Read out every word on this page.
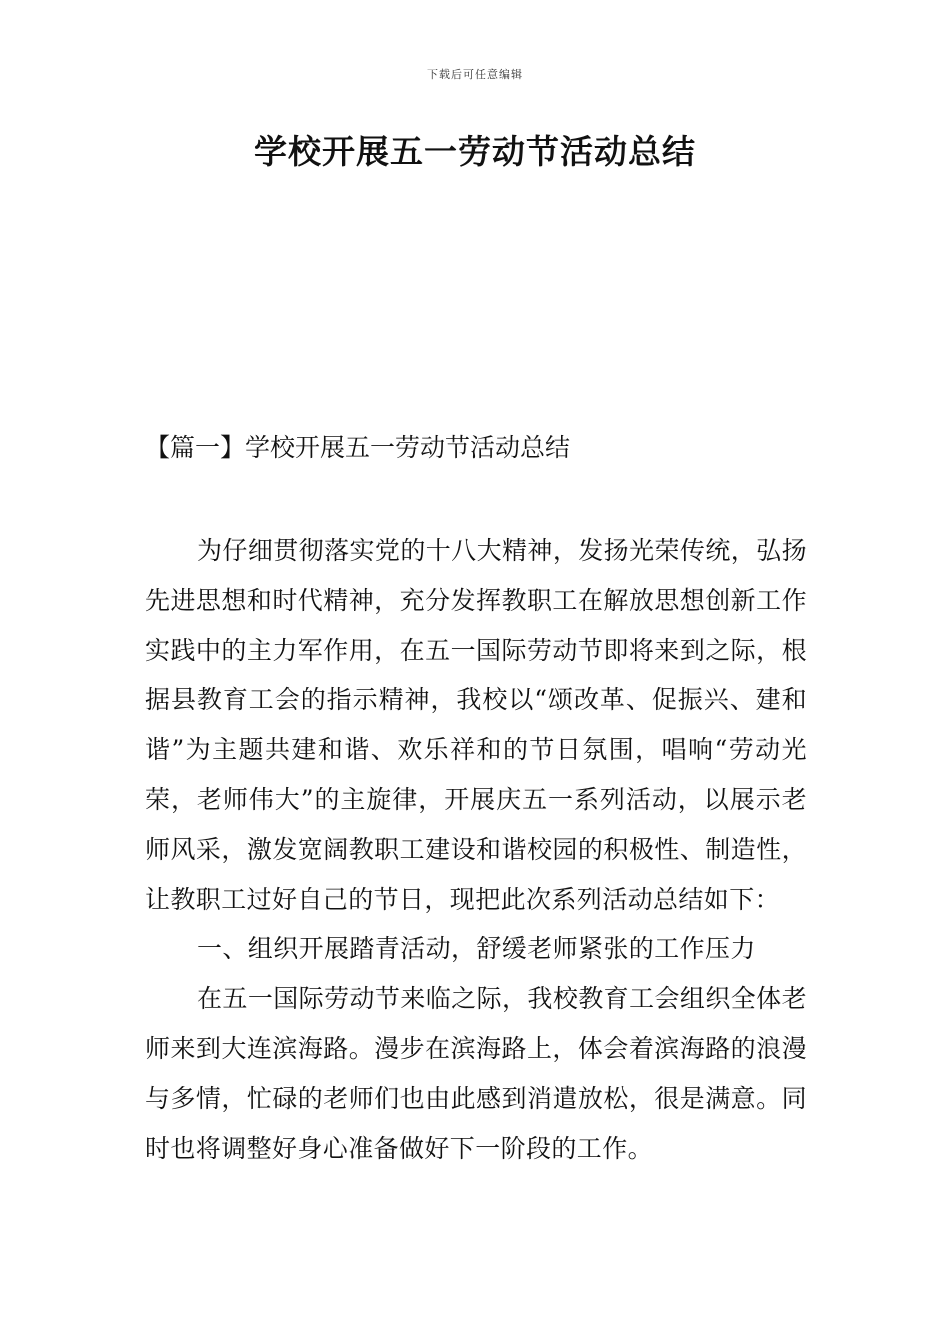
下载后可任意编辑
学校开展五一劳动节活动总结
【篇一】学校开展五一劳动节活动总结

为仔细贯彻落实党的十八大精神，发扬光荣传统，弘扬先进思想和时代精神，充分发挥教职工在解放思想创新工作实践中的主力军作用，在五一国际劳动节即将来到之际，根据县教育工会的指示精神，我校以“颂改革、促振兴、建和谐”为主题共建和谐、欢乐祥和的节日氛围，唱响“劳动光荣，老师伟大”的主旋律，开展庆五一系列活动，以展示老师风采，激发宽阔教职工建设和谐校园的积极性、制造性，让教职工过好自己的节日，现把此次系列活动总结如下：

一、组织开展踏青活动，舒缓老师紧张的工作压力

在五一国际劳动节来临之际，我校教育工会组织全体老师来到大连滨海路。漫步在滨海路上，体会着滨海路的浪漫与多情，忙碌的老师们也由此感到消遣放松，很是满意。同时也将调整好身心准备做好下一阶段的工作。
